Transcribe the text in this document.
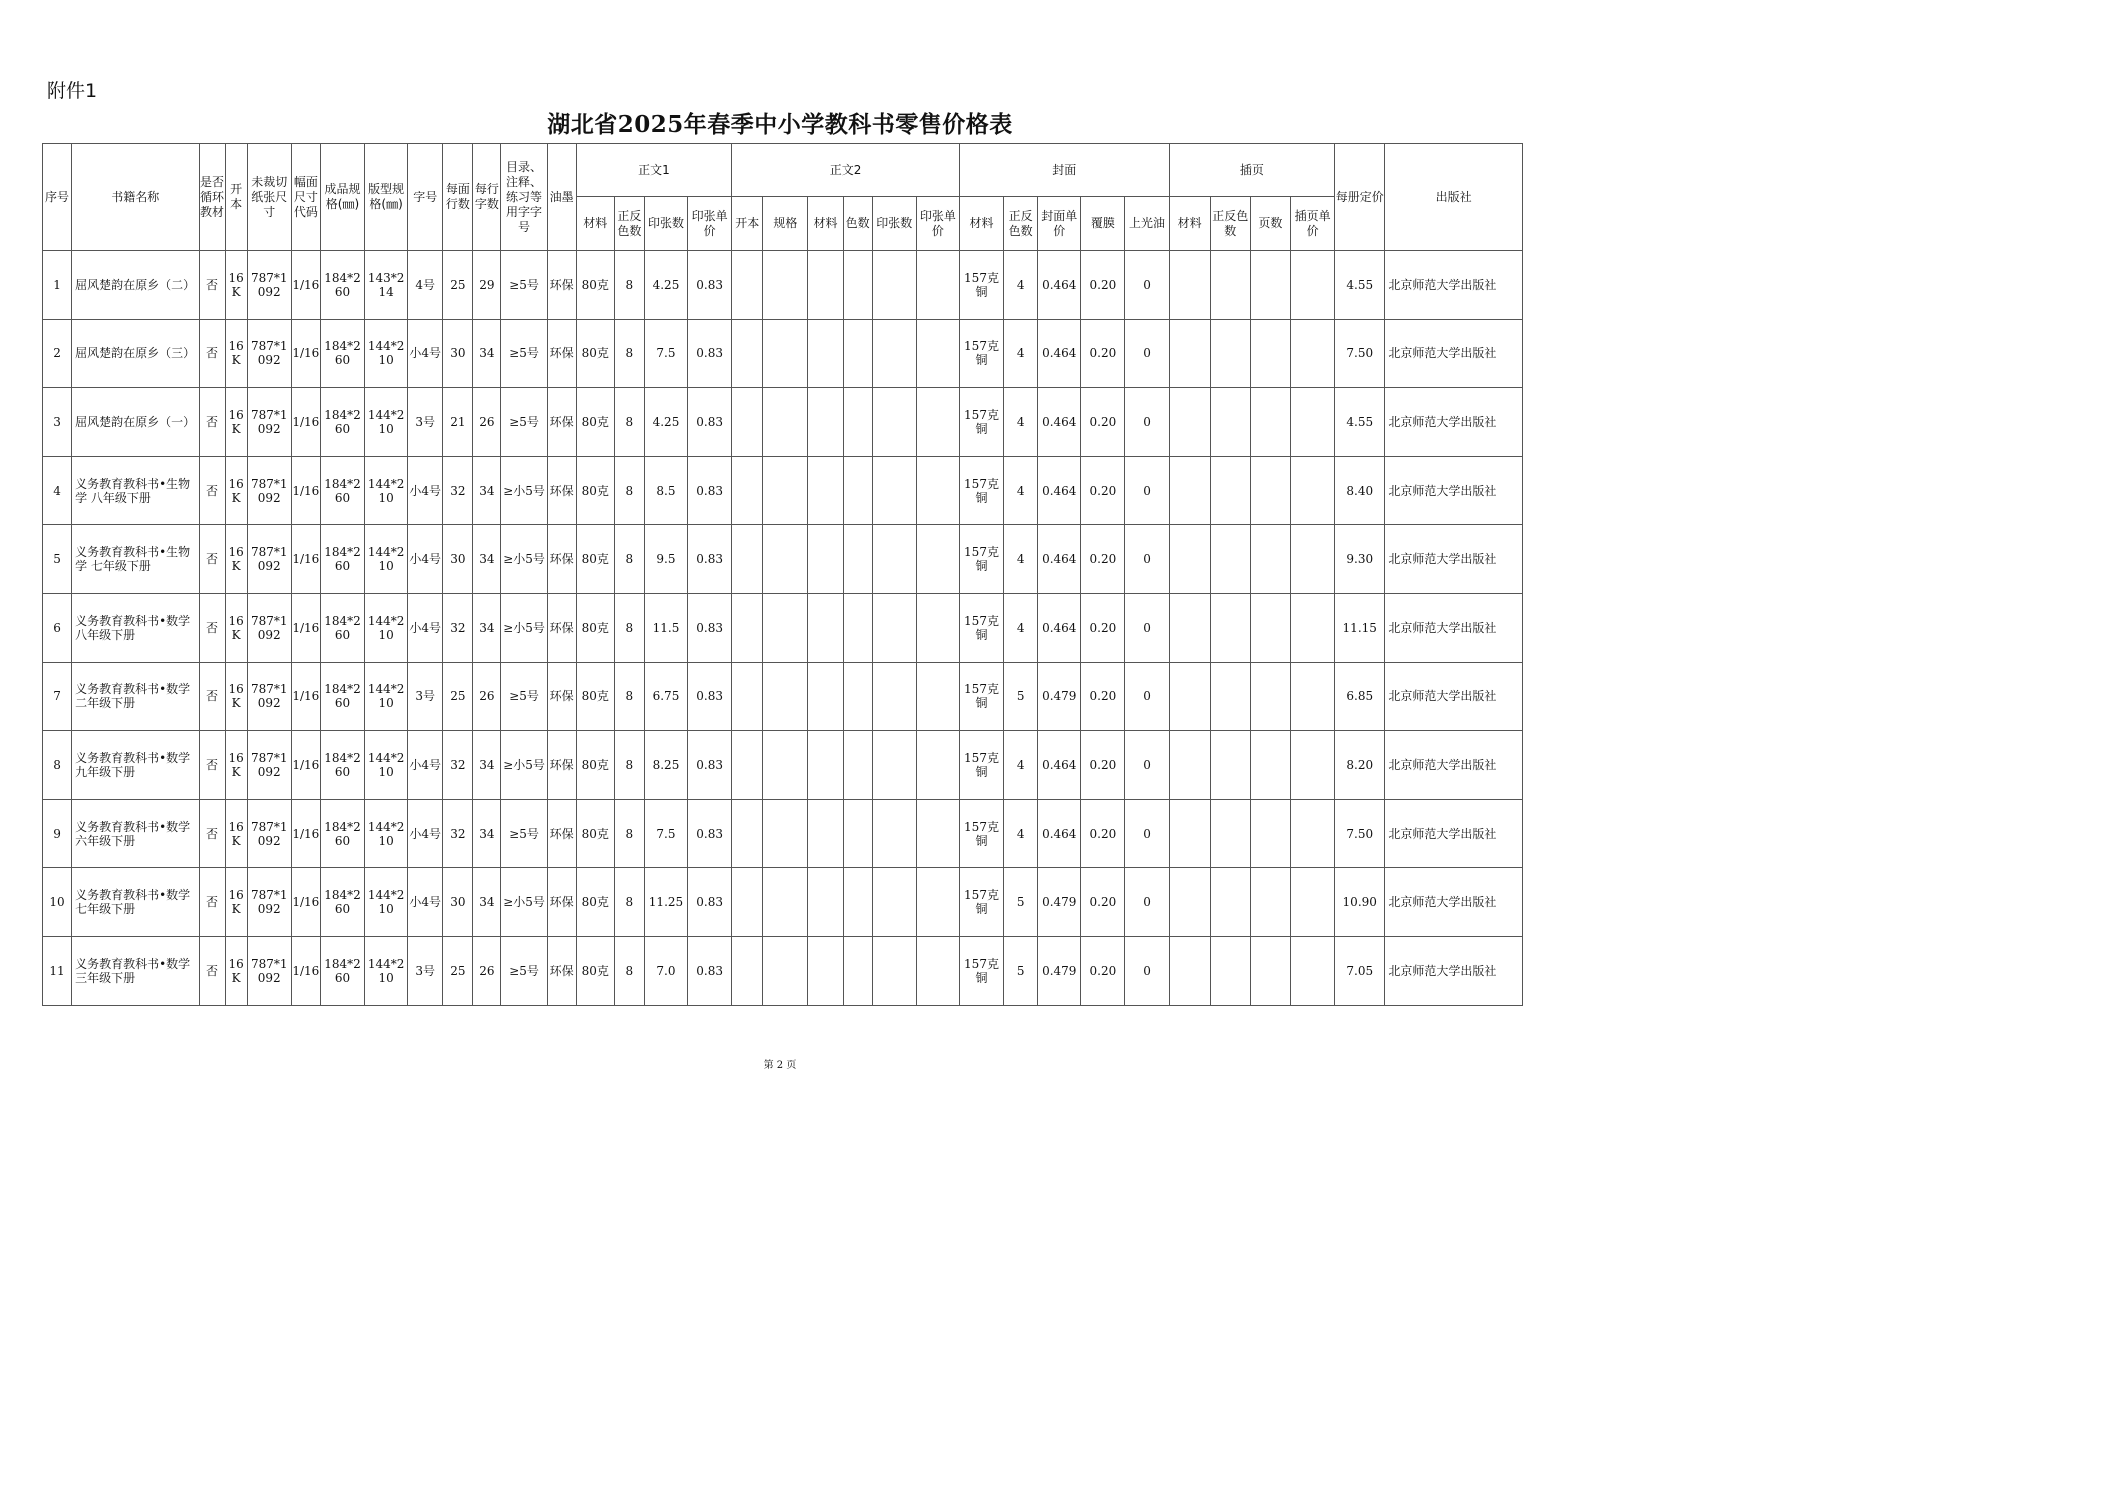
附件1
湖北省2025年春季中小学教科书零售价格表
序号	书籍名称	是否循环教材	开本	未裁切纸张尺寸	幅面尺寸代码	成品规格(㎜)	版型规格(㎜)	字号	每面行数	每行字数	目录、注释、练习等用字字号	油墨	正文1				正文2						封面					插页				每册定价	出版社
													材料	正反色数	印张数	印张单价	开本	规格	材料	色数	印张数	印张单价	材料	正反色数	封面单价	覆膜	上光油	材料	正反色数	页数	插页单价		
1	屈风楚韵在原乡（二）	否	16K	787*1092	1/16	184*260	143*214	4号	25	29	≥5号	环保	80克	8	4.25	0.83							157克铜	4	0.464	0.20	0					4.55	北京师范大学出版社
2	屈风楚韵在原乡（三）	否	16K	787*1092	1/16	184*260	144*210	小4号	30	34	≥5号	环保	80克	8	7.5	0.83							157克铜	4	0.464	0.20	0					7.50	北京师范大学出版社
3	屈风楚韵在原乡（一）	否	16K	787*1092	1/16	184*260	144*210	3号	21	26	≥5号	环保	80克	8	4.25	0.83							157克铜	4	0.464	0.20	0					4.55	北京师范大学出版社
4	义务教育教科书•生物学 八年级下册	否	16K	787*1092	1/16	184*260	144*210	小4号	32	34	≥小5号	环保	80克	8	8.5	0.83							157克铜	4	0.464	0.20	0					8.40	北京师范大学出版社
5	义务教育教科书•生物学 七年级下册	否	16K	787*1092	1/16	184*260	144*210	小4号	30	34	≥小5号	环保	80克	8	9.5	0.83							157克铜	4	0.464	0.20	0					9.30	北京师范大学出版社
6	义务教育教科书•数学 八年级下册	否	16K	787*1092	1/16	184*260	144*210	小4号	32	34	≥小5号	环保	80克	8	11.5	0.83							157克铜	4	0.464	0.20	0					11.15	北京师范大学出版社
7	义务教育教科书•数学 二年级下册	否	16K	787*1092	1/16	184*260	144*210	3号	25	26	≥5号	环保	80克	8	6.75	0.83							157克铜	5	0.479	0.20	0					6.85	北京师范大学出版社
8	义务教育教科书•数学 九年级下册	否	16K	787*1092	1/16	184*260	144*210	小4号	32	34	≥小5号	环保	80克	8	8.25	0.83							157克铜	4	0.464	0.20	0					8.20	北京师范大学出版社
9	义务教育教科书•数学 六年级下册	否	16K	787*1092	1/16	184*260	144*210	小4号	32	34	≥5号	环保	80克	8	7.5	0.83							157克铜	4	0.464	0.20	0					7.50	北京师范大学出版社
10	义务教育教科书•数学 七年级下册	否	16K	787*1092	1/16	184*260	144*210	小4号	30	34	≥小5号	环保	80克	8	11.25	0.83							157克铜	5	0.479	0.20	0					10.90	北京师范大学出版社
11	义务教育教科书•数学 三年级下册	否	16K	787*1092	1/16	184*260	144*210	3号	25	26	≥5号	环保	80克	8	7.0	0.83							157克铜	5	0.479	0.20	0					7.05	北京师范大学出版社
第 2 页
